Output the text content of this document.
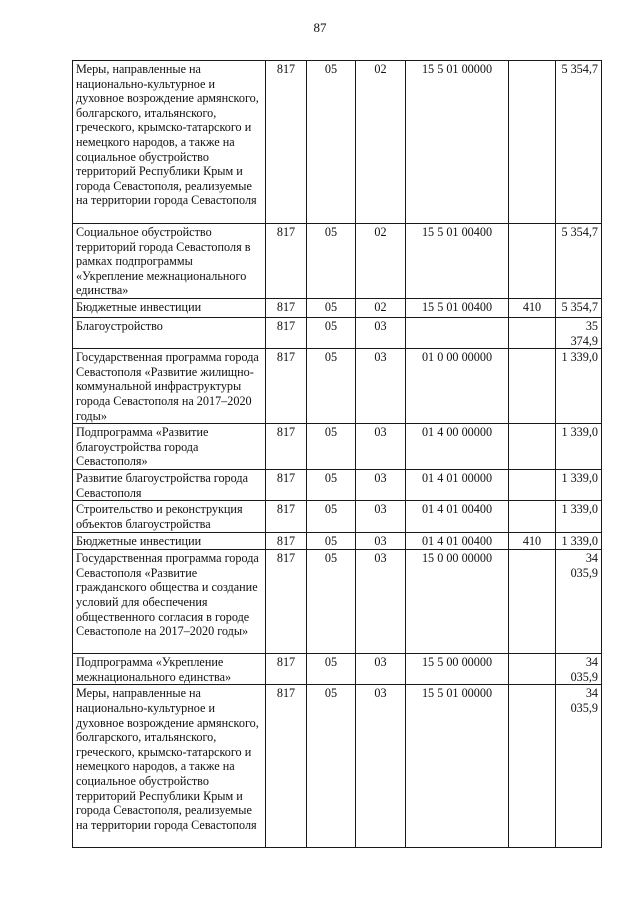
87
Меры, направленные на национально-культурное и духовное возрождение армянского, болгарского, итальянского, греческого, крымско-татарского и немецкого народов, а также на социальное обустройство территорий Республики Крым и города Севастополя, реализуемые на территории города Севастополя	817	05	02	15 5 01 00000		5 354,7
Социальное обустройство территорий города Севастополя в рамках подпрограммы «Укрепление межнационального единства»	817	05	02	15 5 01 00400		5 354,7
Бюджетные инвестиции	817	05	02	15 5 01 00400	410	5 354,7
Благоустройство	817	05	03			35 374,9
Государственная программа города Севастополя «Развитие жилищно-коммунальной инфраструктуры города Севастополя на 2017–2020 годы»	817	05	03	01 0 00 00000		1 339,0
Подпрограмма «Развитие благоустройства города Севастополя»	817	05	03	01 4 00 00000		1 339,0
Развитие благоустройства города Севастополя	817	05	03	01 4 01 00000		1 339,0
Строительство и реконструкция объектов благоустройства	817	05	03	01 4 01 00400		1 339,0
Бюджетные инвестиции	817	05	03	01 4 01 00400	410	1 339,0
Государственная программа города Севастополя «Развитие гражданского общества и создание условий для обеспечения общественного согласия в городе Севастополе на 2017–2020 годы»	817	05	03	15 0 00 00000		34 035,9
Подпрограмма «Укрепление межнационального единства»	817	05	03	15 5 00 00000		34 035,9
Меры, направленные на национально-культурное и духовное возрождение армянского, болгарского, итальянского, греческого, крымско-татарского и немецкого народов, а также на социальное обустройство территорий Республики Крым и города Севастополя, реализуемые на территории города Севастополя	817	05	03	15 5 01 00000		34 035,9
